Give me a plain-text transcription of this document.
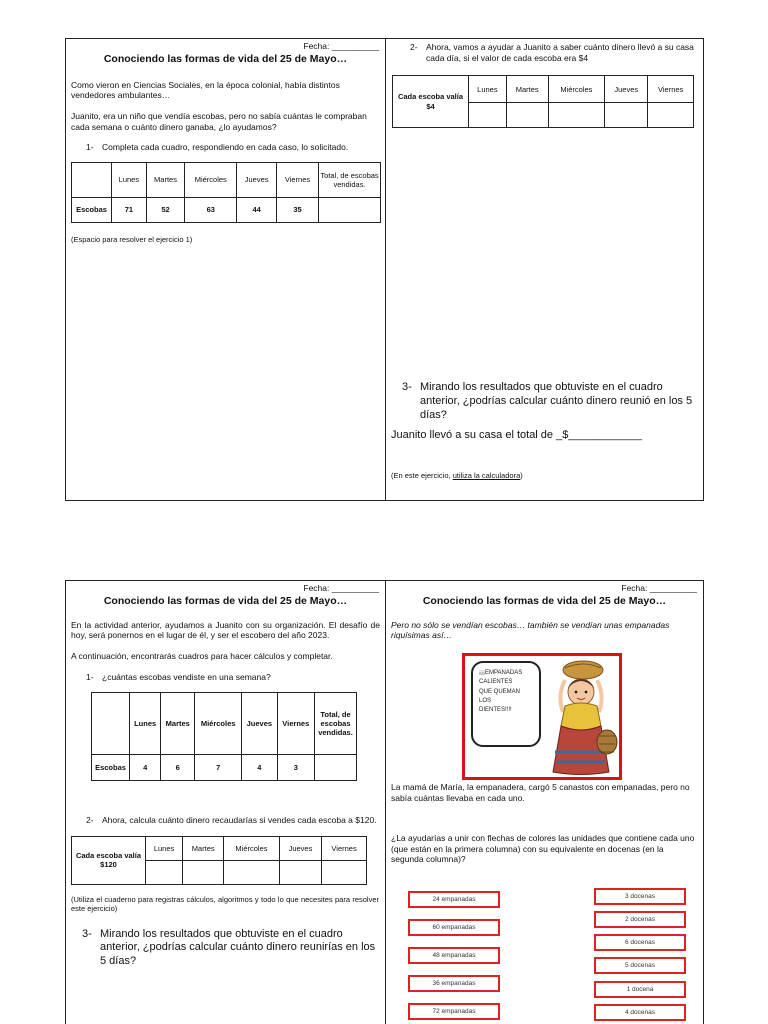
Fecha: __________
Conociendo las formas de vida del 25 de Mayo…
Como vieron en Ciencias Sociales, en la época colonial, había distintos vendedores ambulantes…
Juanito, era un niño que vendía escobas, pero no sabía cuántas le compraban cada semana o cuánto dinero ganaba, ¿lo ayudamos?
1- Completa cada cuadro, respondiendo en cada caso, lo solicitado.
	Lunes	Martes	Miércoles	Jueves	Viernes	Total, de escobas vendidas.
Escobas	71	52	63	44	35	
(Espacio para resolver el ejercicio 1)
2- Ahora, vamos a ayudar a Juanito a saber cuánto dinero llevó a su casa cada día, si el valor de cada escoba era $4
Cada escoba valía $4	Lunes	Martes	Miércoles	Jueves	Viernes

3- Mirando los resultados que obtuviste en el cuadro anterior, ¿podrías calcular cuánto dinero reunió en los 5 días?
Juanito llevó a su casa el total de _$____________
(En este ejercicio, utiliza la calculadora)
Fecha: __________
Conociendo las formas de vida del 25 de Mayo…
En la actividad anterior, ayudamos a Juanito con su organización. El desafío de hoy, será ponernos en el lugar de él, y ser el escobero del año 2023.
A continuación, encontrarás cuadros para hacer cálculos y completar.
1- ¿cuántas escobas vendiste en una semana?
	Lunes	Martes	Miércoles	Jueves	Viernes	Total, de escobas vendidas.
Escobas	4	6	7	4	3	
2- Ahora, calcula cuánto dinero recaudarías si vendes cada escoba a $120.
Cada escoba valía $120	Lunes	Martes	Miércoles	Jueves	Viernes

(Utiliza el cuaderno para registras cálculos, algoritmos y todo lo que necesites para resolver este ejercicio)
3- Mirando los resultados que obtuviste en el cuadro anterior, ¿podrías calcular cuánto dinero reunirías en los 5 días?
Fecha: __________
Conociendo las formas de vida del 25 de Mayo…
Pero no sólo se vendían escobas… también se vendían unas empanadas riquísimas así…
¡¡¡EMPANADAS
CALIENTES
QUE QUEMAN
LOS
DIENTES!!!!
La mamá de María, la empanadera, cargó 5 canastos con empanadas, pero no sabía cuántas llevaba en cada uno.
¿La ayudarías a unir con flechas de colores las unidades que contiene cada uno (que están en la primera columna) con su equivalente en docenas (en la segunda columna)?
24 empanadas
60 empanadas
48 empanadas
36 empanadas
72 empanadas
3 docenas
2 docenas
6 docenas
5 docenas
1 docena
4 docenas
